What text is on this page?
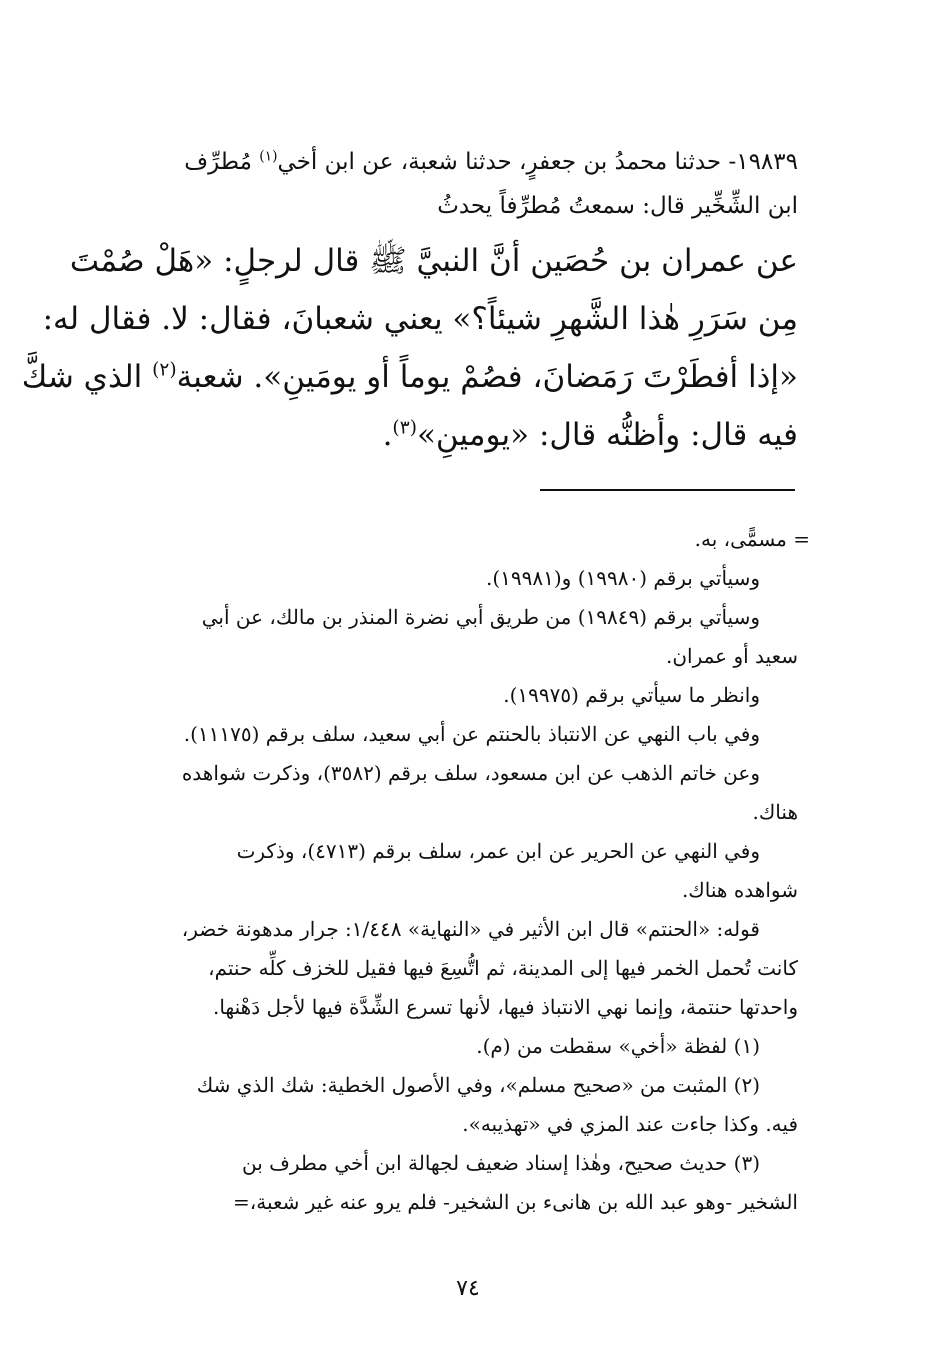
١٩٨٣٩- حدثنا محمدُ بن جعفرٍ، حدثنا شعبة، عن ابن أخي$^{(١)}$ مُطرِّف
ابن الشِّخِّير قال: سمعتُ مُطرِّفاً يحدثُ
عن عمران بن حُصَين أنَّ النبيَّ ﷺ قال لرجلٍ: «هَلْ صُمْتَ
مِن سَرَرِ هٰذا الشَّهرِ شيئاً؟» يعني شعبانَ، فقال: لا. فقال له:
«إذا أفطَرْتَ رَمَضانَ، فصُمْ يوماً أو يومَينِ». شعبة$^{(٢)}$ الذي شكَّ
فيه قال: وأظنُّه قال: «يومينِ»$^{(٣)}$.
= مسمًّى، به.
وسيأتي برقم (١٩٩٨٠) و(١٩٩٨١).
وسيأتي برقم (١٩٨٤٩) من طريق أبي نضرة المنذر بن مالك، عن أبي
سعيد أو عمران.
وانظر ما سيأتي برقم (١٩٩٧٥).
وفي باب النهي عن الانتباذ بالحنتم عن أبي سعيد، سلف برقم (١١١٧٥).
وعن خاتم الذهب عن ابن مسعود، سلف برقم (٣٥٨٢)، وذكرت شواهده
هناك.
وفي النهي عن الحرير عن ابن عمر، سلف برقم (٤٧١٣)، وذكرت
شواهده هناك.
قوله: «الحنتم» قال ابن الأثير في «النهاية» ١/٤٤٨: جرار مدهونة خضر،
كانت تُحمل الخمر فيها إلى المدينة، ثم اتُّسِعَ فيها فقيل للخزف كلِّه حنتم،
واحدتها حنتمة، وإنما نهي الانتباذ فيها، لأنها تسرع الشِّدَّة فيها لأجل دَهْنها.
(١) لفظة «أخي» سقطت من (م).
(٢) المثبت من «صحيح مسلم»، وفي الأصول الخطية: شك الذي شك
فيه. وكذا جاءت عند المزي في «تهذيبه».
(٣) حديث صحيح، وهٰذا إسناد ضعيف لجهالة ابن أخي مطرف بن
الشخير -وهو عبد الله بن هانىء بن الشخير- فلم يرو عنه غير شعبة،=
٧٤
